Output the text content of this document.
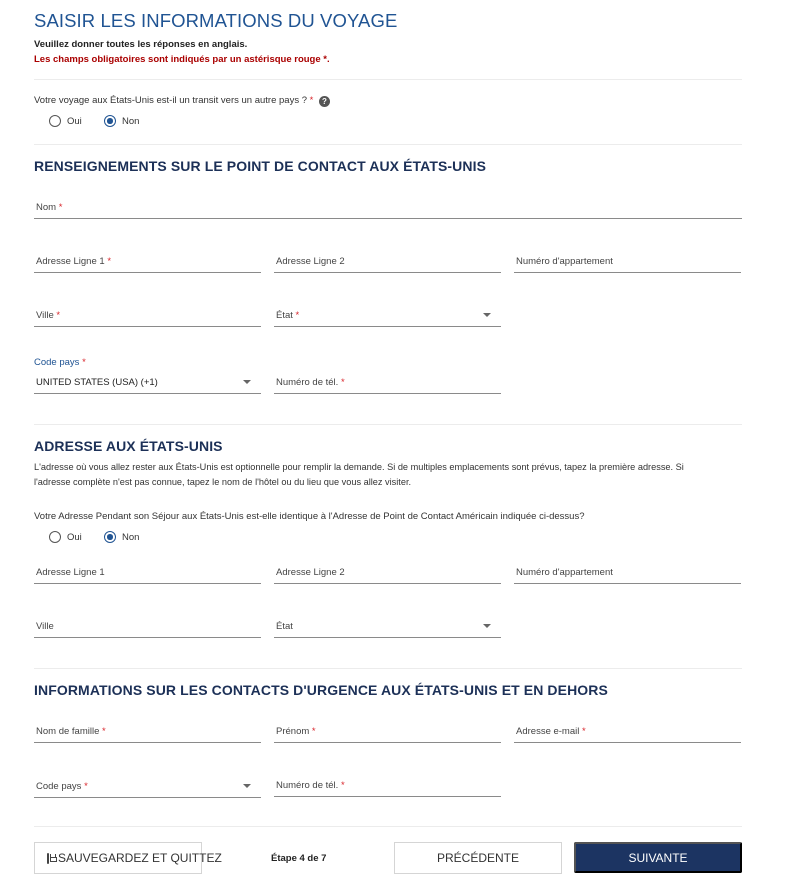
SAISIR LES INFORMATIONS DU VOYAGE
Veuillez donner toutes les réponses en anglais.
Les champs obligatoires sont indiqués par un astérisque rouge *.
Votre voyage aux États-Unis est-il un transit vers un autre pays ? * ?
Oui	Non
RENSEIGNEMENTS SUR LE POINT DE CONTACT AUX ÉTATS-UNIS
Nom *
Adresse Ligne 1 *	Adresse Ligne 2	Numéro d'appartement
Ville *	État *
Code pays *
UNITED STATES (USA) (+1)	Numéro de tél. *
ADRESSE AUX ÉTATS-UNIS
L'adresse où vous allez rester aux États-Unis est optionnelle pour remplir la demande. Si de multiples emplacements sont prévus, tapez la première adresse. Si
l'adresse complète n'est pas connue, tapez le nom de l'hôtel ou du lieu que vous allez visiter.
Votre Adresse Pendant son Séjour aux États-Unis est-elle identique à l'Adresse de Point de Contact Américain indiquée ci-dessus?
Oui	Non
Adresse Ligne 1	Adresse Ligne 2	Numéro d'appartement
Ville	État
INFORMATIONS SUR LES CONTACTS D'URGENCE AUX ÉTATS-UNIS ET EN DEHORS
Nom de famille *	Prénom *	Adresse e-mail *
Code pays *	Numéro de tél. *
SAUVEGARDEZ ET QUITTEZ	Étape 4 de 7	PRÉCÉDENTE	SUIVANTE
